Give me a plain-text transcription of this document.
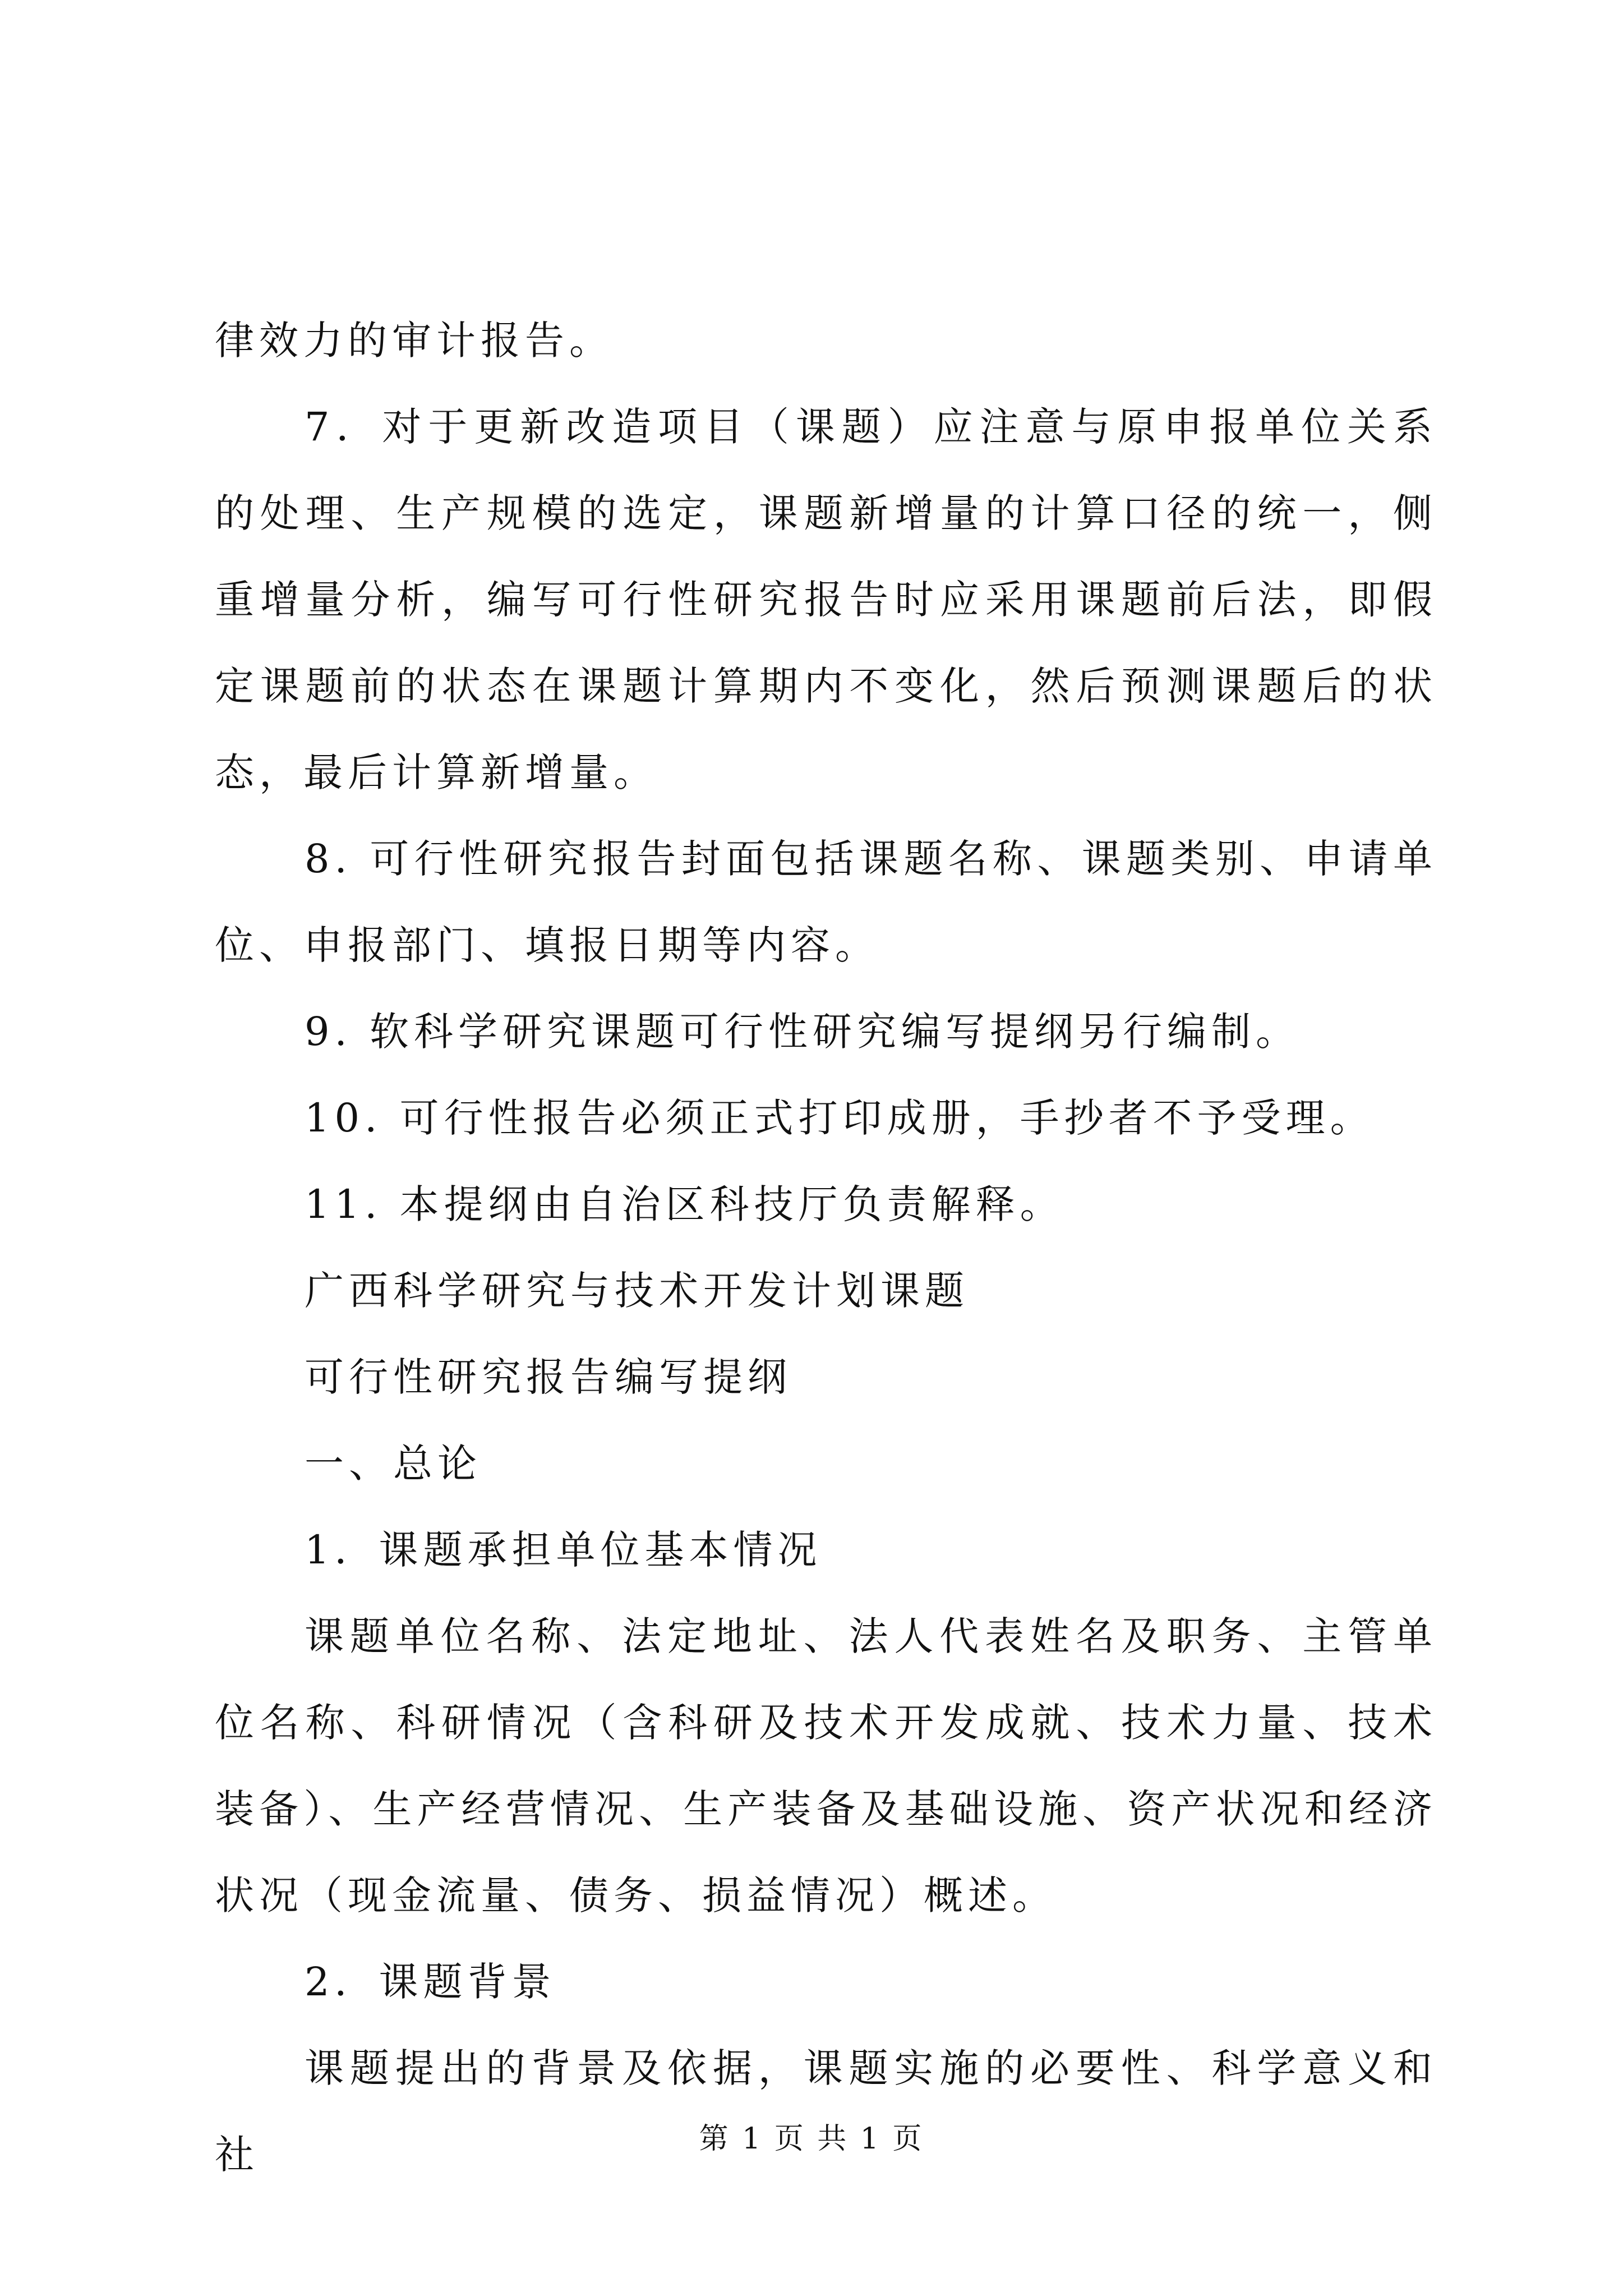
律效力的审计报告。

7．对于更新改造项目（课题）应注意与原申报单位关系的处理、生产规模的选定，课题新增量的计算口径的统一，侧重增量分析，编写可行性研究报告时应采用课题前后法，即假定课题前的状态在课题计算期内不变化，然后预测课题后的状态，最后计算新增量。

8. 可行性研究报告封面包括课题名称、课题类别、申请单位、申报部门、填报日期等内容。

9. 软科学研究课题可行性研究编写提纲另行编制。

10. 可行性报告必须正式打印成册，手抄者不予受理。

11. 本提纲由自治区科技厅负责解释。

广西科学研究与技术开发计划课题

可行性研究报告编写提纲

一、总论

1．课题承担单位基本情况

课题单位名称、法定地址、法人代表姓名及职务、主管单位名称、科研情况（含科研及技术开发成就、技术力量、技术装备）、生产经营情况、生产装备及基础设施、资产状况和经济状况（现金流量、债务、损益情况）概述。

2．课题背景

课题提出的背景及依据，课题实施的必要性、科学意义和社	第 1 页 共 1 页
